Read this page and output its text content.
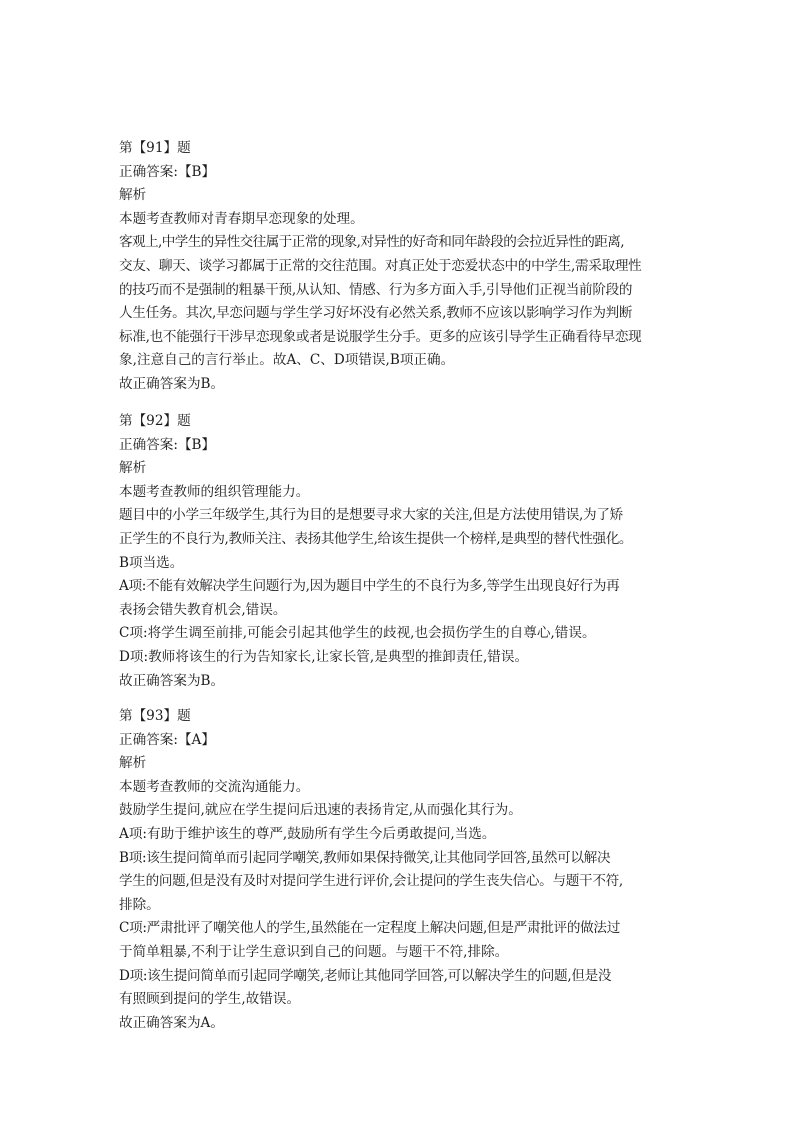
第【91】题
正确答案:【B】
解析
本题考查教师对青春期早恋现象的处理。
客观上,中学生的异性交往属于正常的现象,对异性的好奇和同年龄段的会拉近异性的距离,
交友、聊天、谈学习都属于正常的交往范围。对真正处于恋爱状态中的中学生,需采取理性
的技巧而不是强制的粗暴干预,从认知、情感、行为多方面入手,引导他们正视当前阶段的
人生任务。其次,早恋问题与学生学习好坏没有必然关系,教师不应该以影响学习作为判断
标准,也不能强行干涉早恋现象或者是说服学生分手。更多的应该引导学生正确看待早恋现
象,注意自己的言行举止。故A、C、D项错误,B项正确。
故正确答案为B。
第【92】题
正确答案:【B】
解析
本题考查教师的组织管理能力。
题目中的小学三年级学生,其行为目的是想要寻求大家的关注,但是方法使用错误,为了矫
正学生的不良行为,教师关注、表扬其他学生,给该生提供一个榜样,是典型的替代性强化。
B项当选。
A项:不能有效解决学生问题行为,因为题目中学生的不良行为多,等学生出现良好行为再
表扬会错失教育机会,错误。
C项:将学生调至前排,可能会引起其他学生的歧视,也会损伤学生的自尊心,错误。
D项:教师将该生的行为告知家长,让家长管,是典型的推卸责任,错误。
故正确答案为B。
第【93】题
正确答案:【A】
解析
本题考查教师的交流沟通能力。
鼓励学生提问,就应在学生提问后迅速的表扬肯定,从而强化其行为。
A项:有助于维护该生的尊严,鼓励所有学生今后勇敢提问,当选。
B项:该生提问简单而引起同学嘲笑,教师如果保持微笑,让其他同学回答,虽然可以解决
学生的问题,但是没有及时对提问学生进行评价,会让提问的学生丧失信心。与题干不符,
排除。
C项:严肃批评了嘲笑他人的学生,虽然能在一定程度上解决问题,但是严肃批评的做法过
于简单粗暴,不利于让学生意识到自己的问题。与题干不符,排除。
D项:该生提问简单而引起同学嘲笑,老师让其他同学回答,可以解决学生的问题,但是没
有照顾到提问的学生,故错误。
故正确答案为A。
